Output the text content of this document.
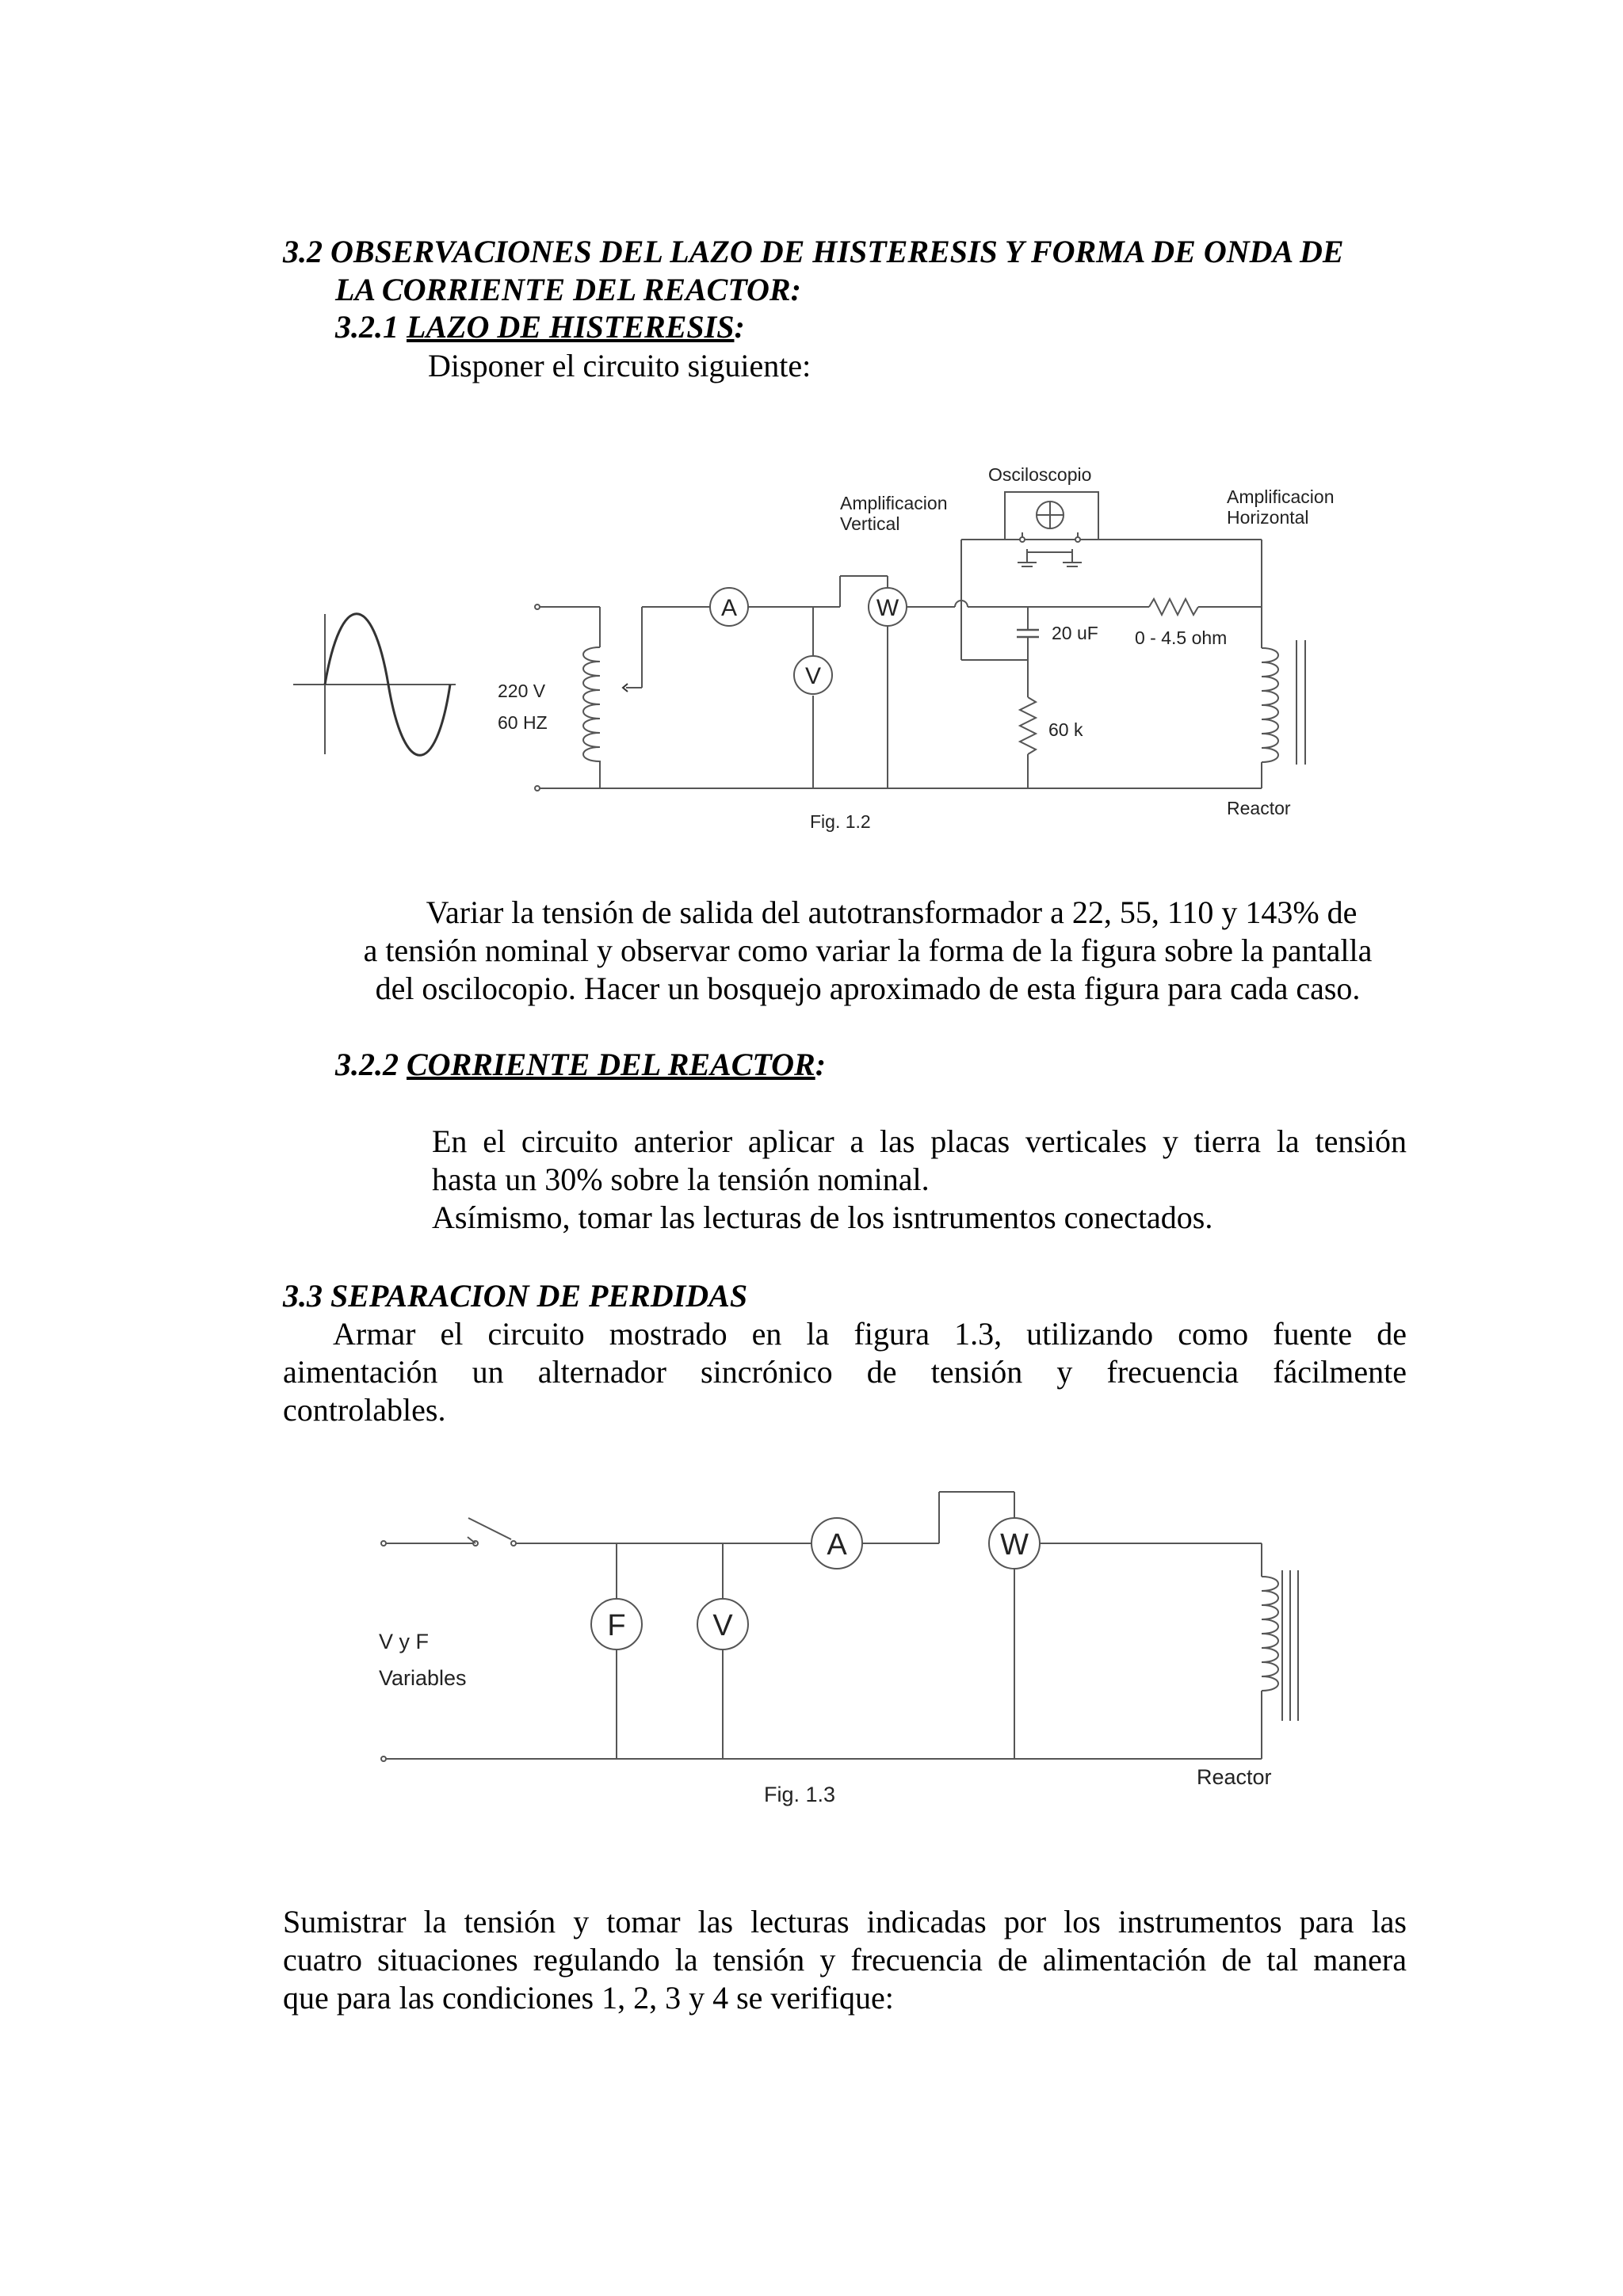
3.2 OBSERVACIONES DEL LAZO DE HISTERESIS Y FORMA DE ONDA DE
LA CORRIENTE DEL REACTOR:
3.2.1 LAZO DE HISTERESIS:
Disponer el circuito siguiente:
A
V
W
Osciloscopio
Amplificacion
Vertical
Amplificacion
Horizontal
220 V
60 HZ
20 uF 0 - 4.5 ohm
60 k
Reactor
Fig. 1.2
Variar la tensión de salida del autotransformador a 22, 55, 110 y 143% de
a tensión nominal y observar como variar la forma de la figura sobre la pantalla
del oscilocopio. Hacer un bosquejo aproximado de esta figura para cada caso.
3.2.2 CORRIENTE DEL REACTOR:
En el circuito anterior aplicar a las placas verticales y tierra la tensión
hasta un 30% sobre la tensión nominal.
Asímismo, tomar las lecturas de los isntrumentos conectados.
3.3 SEPARACION DE PERDIDAS
Armar el circuito mostrado en la figura 1.3, utilizando como fuente de
aimentación un alternador sincrónico de tensión y frecuencia fácilmente
controlables.
A	W
F	V
V y F
Variables
Reactor
Fig. 1.3
Sumistrar la tensión y tomar las lecturas indicadas por los instrumentos para las
cuatro situaciones regulando la tensión y frecuencia de alimentación de tal manera
que para las condiciones 1, 2, 3 y 4 se verifique:
